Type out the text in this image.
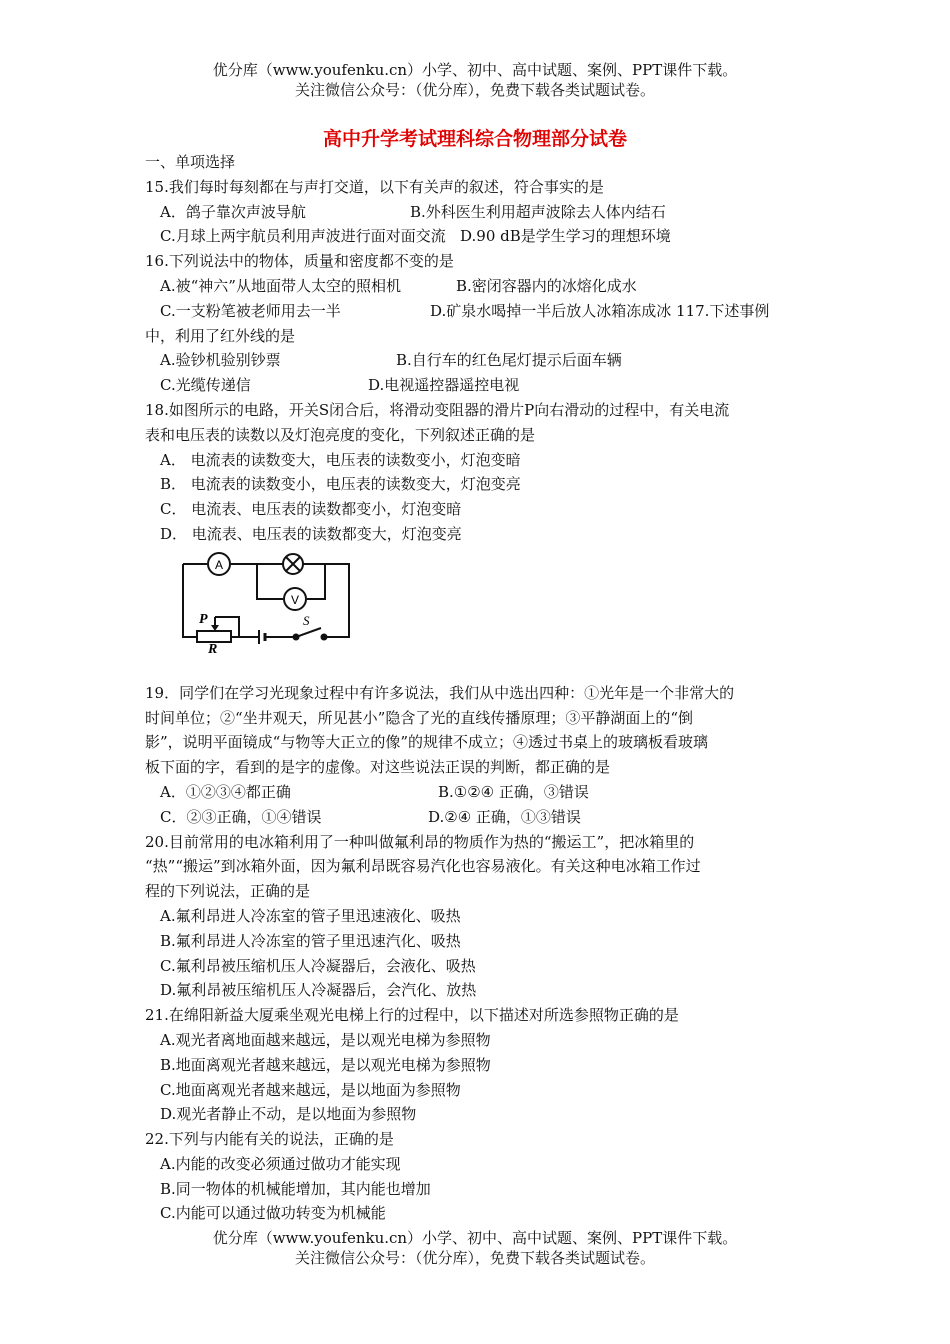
优分库（www.youfenku.cn）小学、初中、高中试题、案例、PPT课件下载。
关注微信公众号：（优分库），免费下载各类试题试卷。
高中升学考试理科综合物理部分试卷
一、单项选择
15.我们每时每刻都在与声打交道，以下有关声的叙述，符合事实的是
A．鸽子靠次声波导航	B.外科医生利用超声波除去人体内结石
C.月球上两宇航员利用声波进行面对面交流 D.90 dB是学生学习的理想环境
16.下列说法中的物体，质量和密度都不变的是
A.被“神六”从地面带人太空的照相机	B.密闭容器内的冰熔化成水
C.一支粉笔被老师用去一半	D.矿泉水喝掉一半后放人冰箱冻成冰 117.下述事例
中，利用了红外线的是
A.验钞机验别钞票	B.自行车的红色尾灯提示后面车辆
C.光缆传递信	D.电视遥控器遥控电视
18.如图所示的电路，开关S闭合后，将滑动变阻器的滑片P向右滑动的过程中，有关电流
表和电压表的读数以及灯泡亮度的变化，下列叙述正确的是
A． 电流表的读数变大，电压表的读数变小，灯泡变暗
B． 电流表的读数变小，电压表的读数变大，灯泡变亮
C． 电流表、电压表的读数都变小，灯泡变暗
D． 电流表、电压表的读数都变大，灯泡变亮
A
V
S
P
R
19．同学们在学习光现象过程中有许多说法，我们从中选出四种：①光年是一个非常大的
时间单位；②“坐井观天，所见甚小”隐含了光的直线传播原理；③平静湖面上的“倒
影”，说明平面镜成“与物等大正立的像”的规律不成立；④透过书桌上的玻璃板看玻璃
板下面的字，看到的是字的虚像。对这些说法正误的判断，都正确的是
A．①②③④都正确	B.①②④ 正确，③错误
C．②③正确，①④错误	D.②④ 正确，①③错误
20.目前常用的电冰箱利用了一种叫做氟利昂的物质作为热的“搬运工”，把冰箱里的
“热”“搬运”到冰箱外面，因为氟利昂既容易汽化也容易液化。有关这种电冰箱工作过
程的下列说法，正确的是
A.氟利昂进人冷冻室的管子里迅速液化、吸热
B.氟利昂进人冷冻室的管子里迅速汽化、吸热
C.氟利昂被压缩机压人冷凝器后，会液化、吸热
D.氟利昂被压缩机压人冷凝器后，会汽化、放热
21.在绵阳新益大厦乘坐观光电梯上行的过程中，以下描述对所选参照物正确的是
A.观光者离地面越来越远，是以观光电梯为参照物
B.地面离观光者越来越远，是以观光电梯为参照物
C.地面离观光者越来越远，是以地面为参照物
D.观光者静止不动，是以地面为参照物
22.下列与内能有关的说法，正确的是
A.内能的改变必须通过做功才能实现
B.同一物体的机械能增加，其内能也增加
C.内能可以通过做功转变为机械能
优分库（www.youfenku.cn）小学、初中、高中试题、案例、PPT课件下载。
关注微信公众号：（优分库），免费下载各类试题试卷。
